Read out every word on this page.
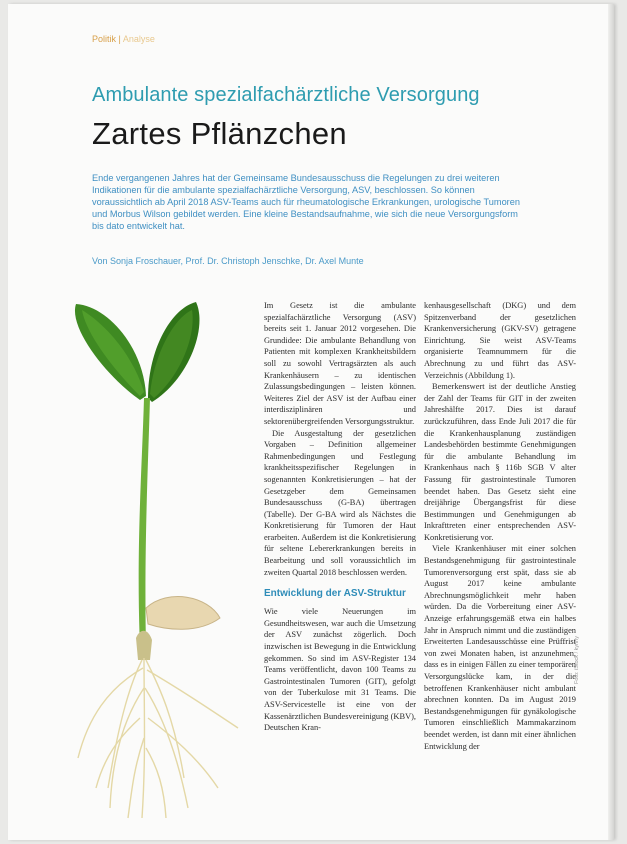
Politik | Analyse
Ambulante spezialfachärztliche Versorgung
Zartes Pflänzchen
Ende vergangenen Jahres hat der Gemeinsame Bundesausschuss die Regelungen zu drei weiteren Indikationen für die ambulante spezialfachärztliche Versorgung, ASV, beschlossen. So können voraussichtlich ab April 2018 ASV-Teams auch für rheumatologische Erkrankungen, urologische Tumoren und Morbus Wilson gebildet werden. Eine kleine Bestandsaufnahme, wie sich die neue Versorgungsform bis dato entwickelt hat.
Von Sonja Froschauer, Prof. Dr. Christoph Jenschke, Dr. Axel Munte

Im Gesetz ist die ambulante spezialfachärztliche Versorgung (ASV) bereits seit 1. Januar 2012 vorgesehen. Die Grundidee: Die ambulante Behandlung von Patienten mit komplexen Krankheitsbildern soll zu sowohl Vertragsärzten als auch Krankenhäusern – zu identischen Zulassungsbedingungen – leisten können. Weiteres Ziel der ASV ist der Aufbau einer interdisziplinären und sektorenübergreifenden Versorgungsstruktur.

Die Ausgestaltung der gesetzlichen Vorgaben – Definition allgemeiner Rahmenbedingungen und Festlegung krankheitsspezifischer Regelungen in sogenannten Konkretisierungen – hat der Gesetzgeber dem Gemeinsamen Bundesausschuss (G-BA) übertragen (Tabelle). Der G-BA wird als Nächstes die Konkretisierung für Tumoren der Haut erarbeiten. Außerdem ist die Konkretisierung für seltene Lebererkrankungen bereits in Bearbeitung und soll voraussichtlich im zweiten Quartal 2018 beschlossen werden.

Entwicklung der ASV-Struktur

Wie viele Neuerungen im Gesundheitswesen, war auch die Umsetzung der ASV zunächst zögerlich. Doch inzwischen ist Bewegung in die Entwicklung gekommen. So sind im ASV-Register 134 Teams veröffentlicht, davon 100 Teams zu Gastrointestinalen Tumoren (GIT), gefolgt von der Tuberkulose mit 31 Teams. Die ASV-Servicestelle ist eine von der Kassenärztlichen Bundesvereinigung (KBV), Deutschen Kran-

kenhausgesellschaft (DKG) und dem Spitzenverband der gesetzlichen Krankenversicherung (GKV-SV) getragene Einrichtung. Sie weist ASV-Teams organisierte Teamnummern für die Abrechnung zu und führt das ASV-Verzeichnis (Abbildung 1).

Bemerkenswert ist der deutliche Anstieg der Zahl der Teams für GIT in der zweiten Jahreshälfte 2017. Dies ist darauf zurückzuführen, dass Ende Juli 2017 die für die Krankenhausplanung zuständigen Landesbehörden bestimmte Genehmigungen für die ambulante Behandlung im Krankenhaus nach § 116b SGB V alter Fassung für gastrointestinale Tumoren beendet haben. Das Gesetz sieht eine dreijährige Übergangsfrist für diese Bestimmungen und Genehmigungen ab Inkrafttreten einer entsprechenden ASV-Konkretisierung vor.

Viele Krankenhäuser mit einer solchen Bestandsgenehmigung für gastrointestinale Tumorenversorgung erst spät, dass sie ab August 2017 keine ambulante Abrechnungsmöglichkeit mehr haben würden. Da die Vorbereitung einer ASV-Anzeige erfahrungsgemäß etwa ein halbes Jahr in Anspruch nimmt und die zuständigen Erweiterten Landesausschüsse eine Prüffrist von zwei Monaten haben, ist anzunehmen, dass es in einigen Fällen zu einer temporären Versorgungslücke kam, in der die betroffenen Krankenhäuser nicht ambulant abrechnen konnten. Da im August 2019 Bestandsgenehmigungen für gynäkologische Tumoren einschließlich Mammakarzinom beendet werden, ist dann mit einer ähnlichen Entwicklung der

Foto: iStock / kynny
